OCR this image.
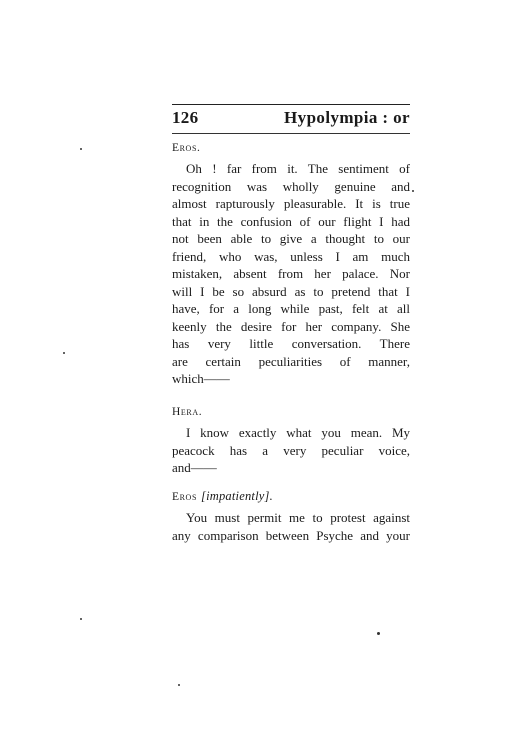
126	Hypolympia : or
Eros.
Oh ! far from it. The sentiment of
recognition was wholly genuine and
almost rapturously pleasurable. It is true
that in the confusion of our flight I had
not been able to give a thought to our
friend, who was, unless I am much
mistaken, absent from her palace. Nor
will I be so absurd as to pretend that I
have, for a long while past, felt at all
keenly the desire for her company. She
has very little conversation. There
are certain peculiarities of manner,
which——
Hera.
I know exactly what you mean. My
peacock has a very peculiar voice,
and——
Eros [impatiently].
You must permit me to protest against
any comparison between Psyche and your
